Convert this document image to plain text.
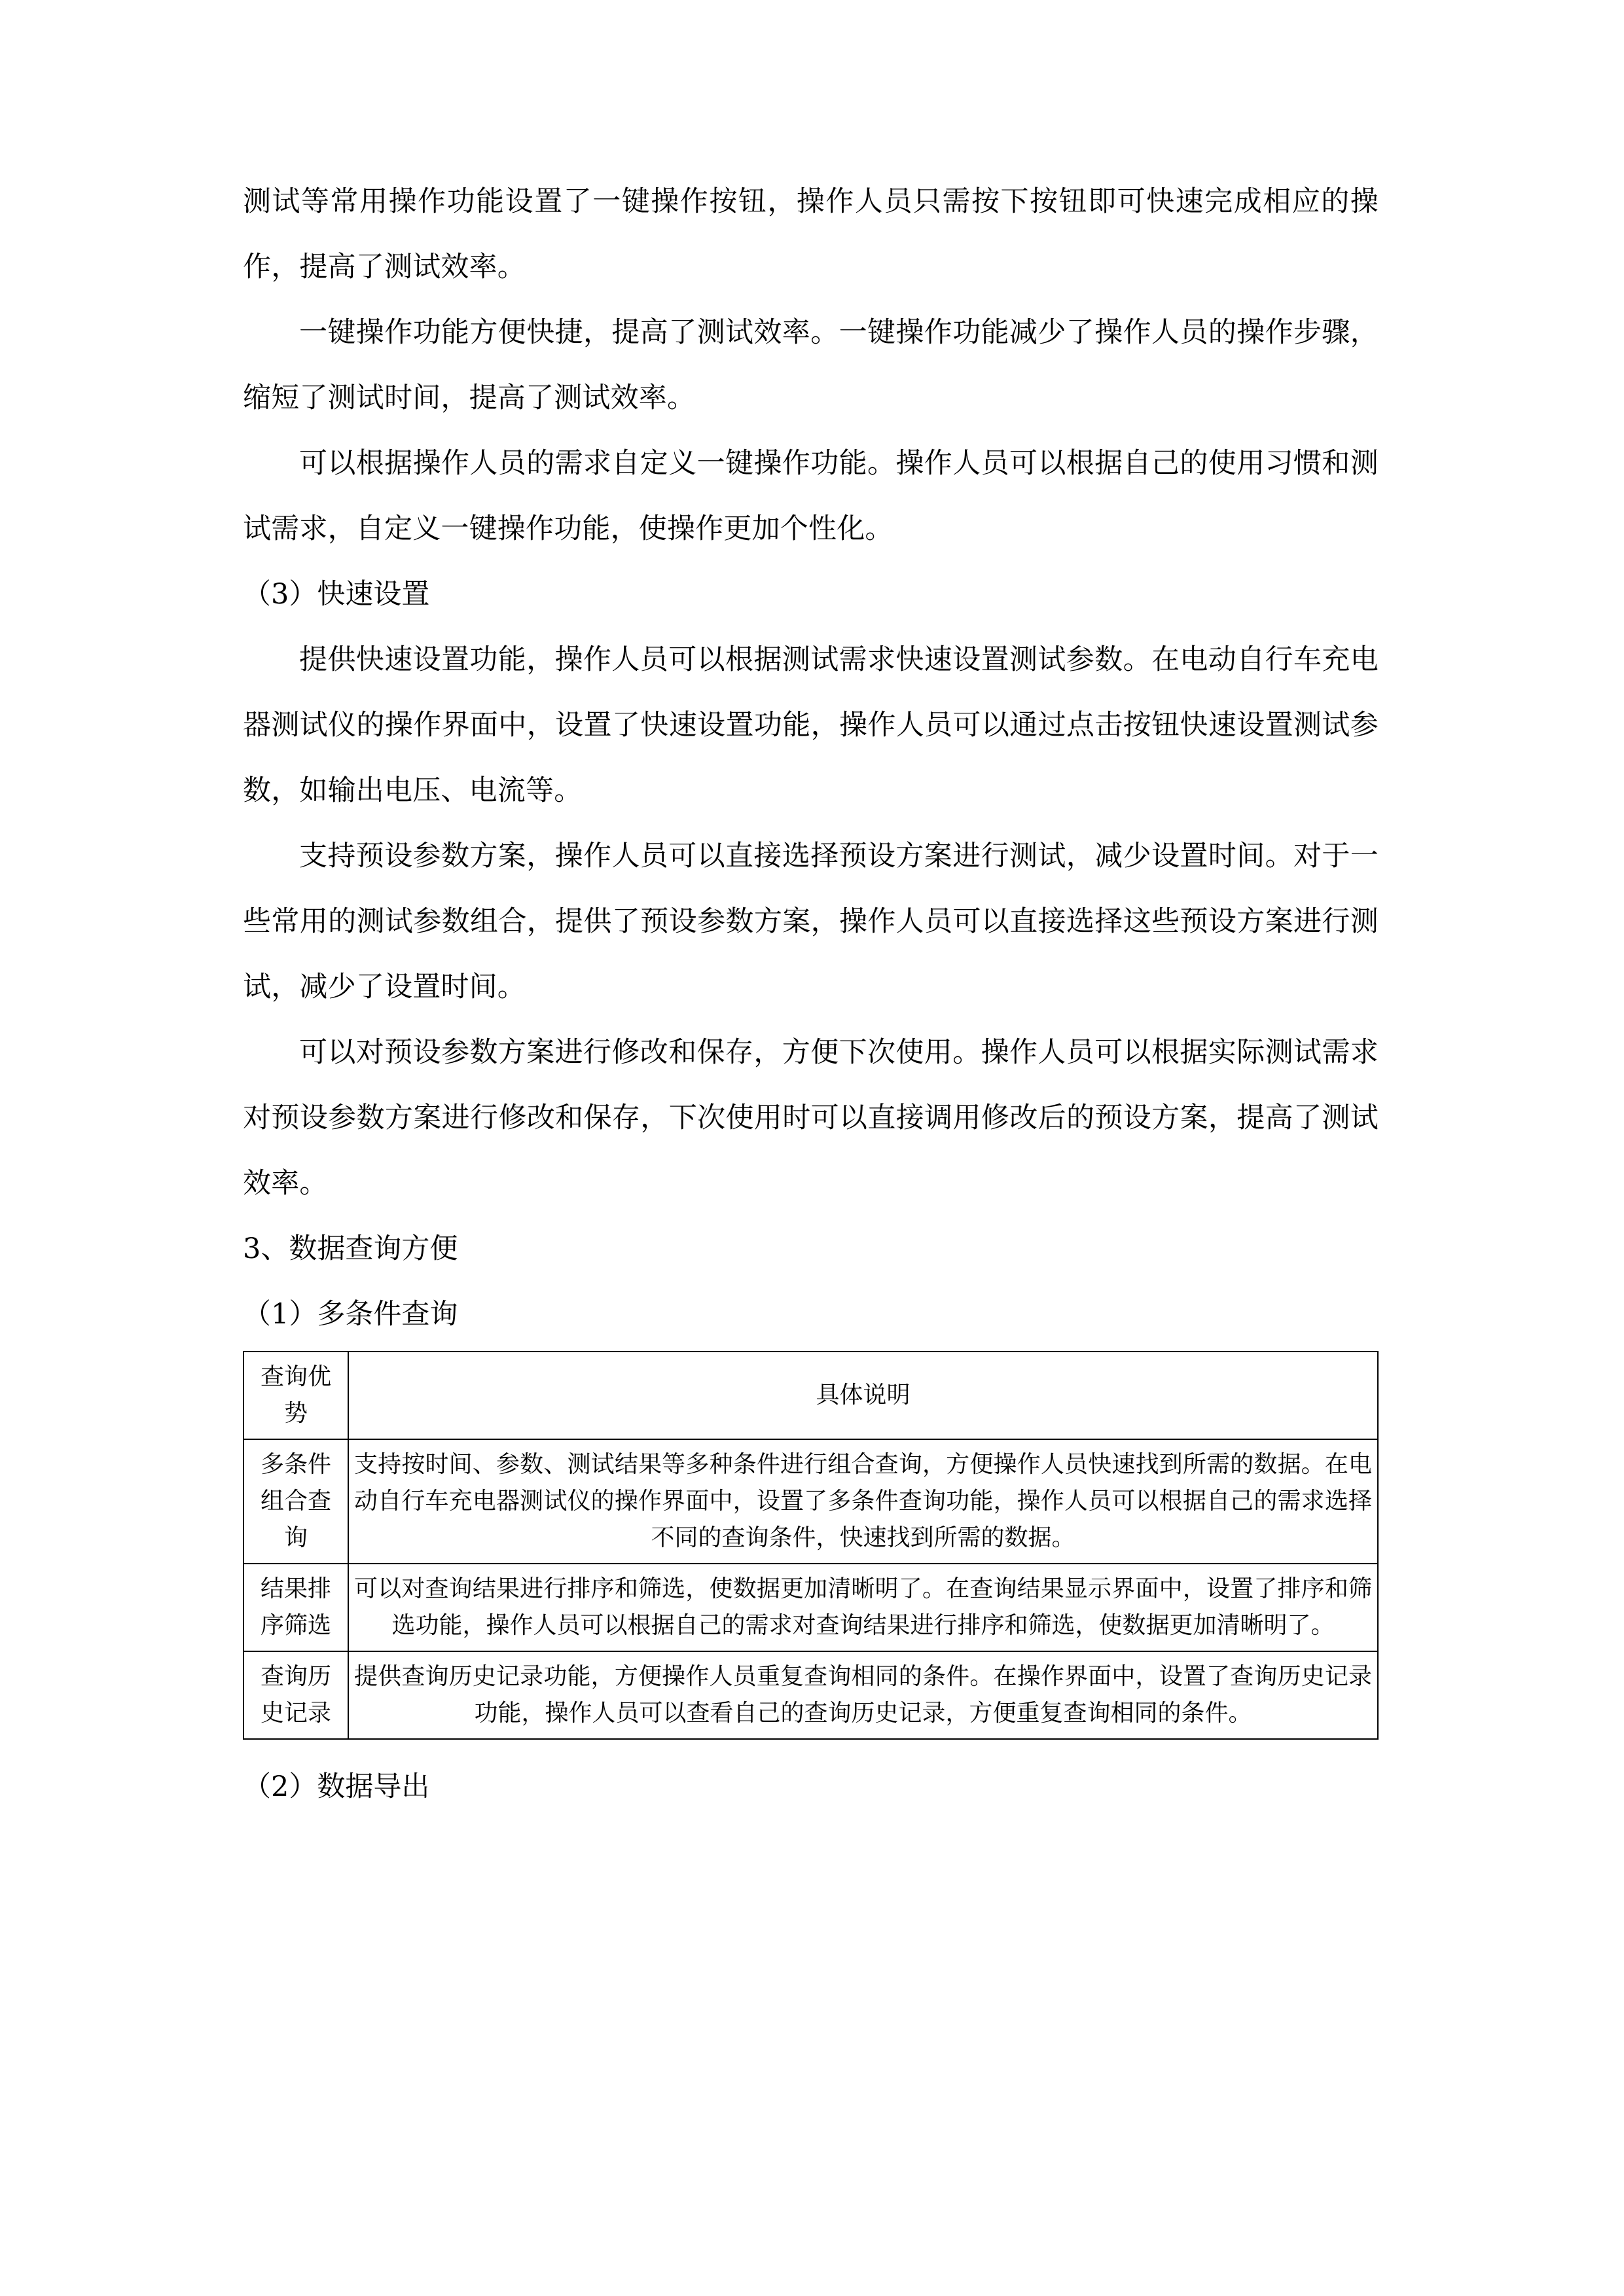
测试等常用操作功能设置了一键操作按钮，操作人员只需按下按钮即可快速完成相应的操作，提高了测试效率。

一键操作功能方便快捷，提高了测试效率。一键操作功能减少了操作人员的操作步骤，缩短了测试时间，提高了测试效率。

可以根据操作人员的需求自定义一键操作功能。操作人员可以根据自己的使用习惯和测试需求，自定义一键操作功能，使操作更加个性化。

（3）快速设置

提供快速设置功能，操作人员可以根据测试需求快速设置测试参数。在电动自行车充电器测试仪的操作界面中，设置了快速设置功能，操作人员可以通过点击按钮快速设置测试参数，如输出电压、电流等。

支持预设参数方案，操作人员可以直接选择预设方案进行测试，减少设置时间。对于一些常用的测试参数组合，提供了预设参数方案，操作人员可以直接选择这些预设方案进行测试，减少了设置时间。

可以对预设参数方案进行修改和保存，方便下次使用。操作人员可以根据实际测试需求对预设参数方案进行修改和保存，下次使用时可以直接调用修改后的预设方案，提高了测试效率。

3、数据查询方便

（1）多条件查询

查询优势	具体说明
多条件组合查询	支持按时间、参数、测试结果等多种条件进行组合查询，方便操作人员快速找到所需的数据。在电动自行车充电器测试仪的操作界面中，设置了多条件查询功能，操作人员可以根据自己的需求选择不同的查询条件，快速找到所需的数据。
结果排序筛选	可以对查询结果进行排序和筛选，使数据更加清晰明了。在查询结果显示界面中，设置了排序和筛选功能，操作人员可以根据自己的需求对查询结果进行排序和筛选，使数据更加清晰明了。
查询历史记录	提供查询历史记录功能，方便操作人员重复查询相同的条件。在操作界面中，设置了查询历史记录功能，操作人员可以查看自己的查询历史记录，方便重复查询相同的条件。

（2）数据导出
